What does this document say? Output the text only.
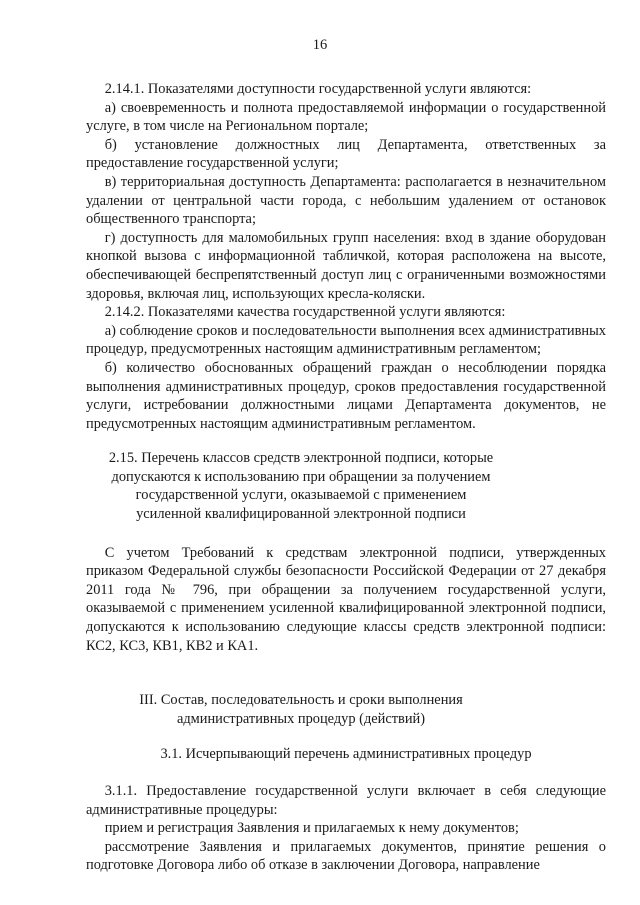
16

2.14.1. Показателями доступности государственной услуги являются:

а) своевременность и полнота предоставляемой информации о государственной услуге, в том числе на Региональном портале;

б) установление должностных лиц Департамента, ответственных за предоставление государственной услуги;

в) территориальная доступность Департамента: располагается в незначительном удалении от центральной части города, с небольшим удалением от остановок общественного транспорта;

г) доступность для маломобильных групп населения: вход в здание оборудован кнопкой вызова с информационной табличкой, которая расположена на высоте, обеспечивающей беспрепятственный доступ лиц с ограниченными возможностями здоровья, включая лиц, использующих кресла-коляски.

2.14.2. Показателями качества государственной услуги являются:

а) соблюдение сроков и последовательности выполнения всех административных процедур, предусмотренных настоящим административным регламентом;

б) количество обоснованных обращений граждан о несоблюдении порядка выполнения административных процедур, сроков предоставления государственной услуги, истребовании должностными лицами Департамента документов, не предусмотренных настоящим административным регламентом.

2.15. Перечень классов средств электронной подписи, которые
допускаются к использованию при обращении за получением
государственной услуги, оказываемой с применением
усиленной квалифицированной электронной подписи

С учетом Требований к средствам электронной подписи, утвержденных приказом Федеральной службы безопасности Российской Федерации от 27 декабря 2011 года № 796, при обращении за получением государственной услуги, оказываемой с применением усиленной квалифицированной электронной подписи, допускаются к использованию следующие классы средств электронной подписи: КС2, КС3, КВ1, КВ2 и КА1.

III. Состав, последовательность и сроки выполнения
административных процедур (действий)

3.1. Исчерпывающий перечень административных процедур

3.1.1. Предоставление государственной услуги включает в себя следующие административные процедуры:

прием и регистрация Заявления и прилагаемых к нему документов;

рассмотрение Заявления и прилагаемых документов, принятие решения о подготовке Договора либо об отказе в заключении Договора, направление
